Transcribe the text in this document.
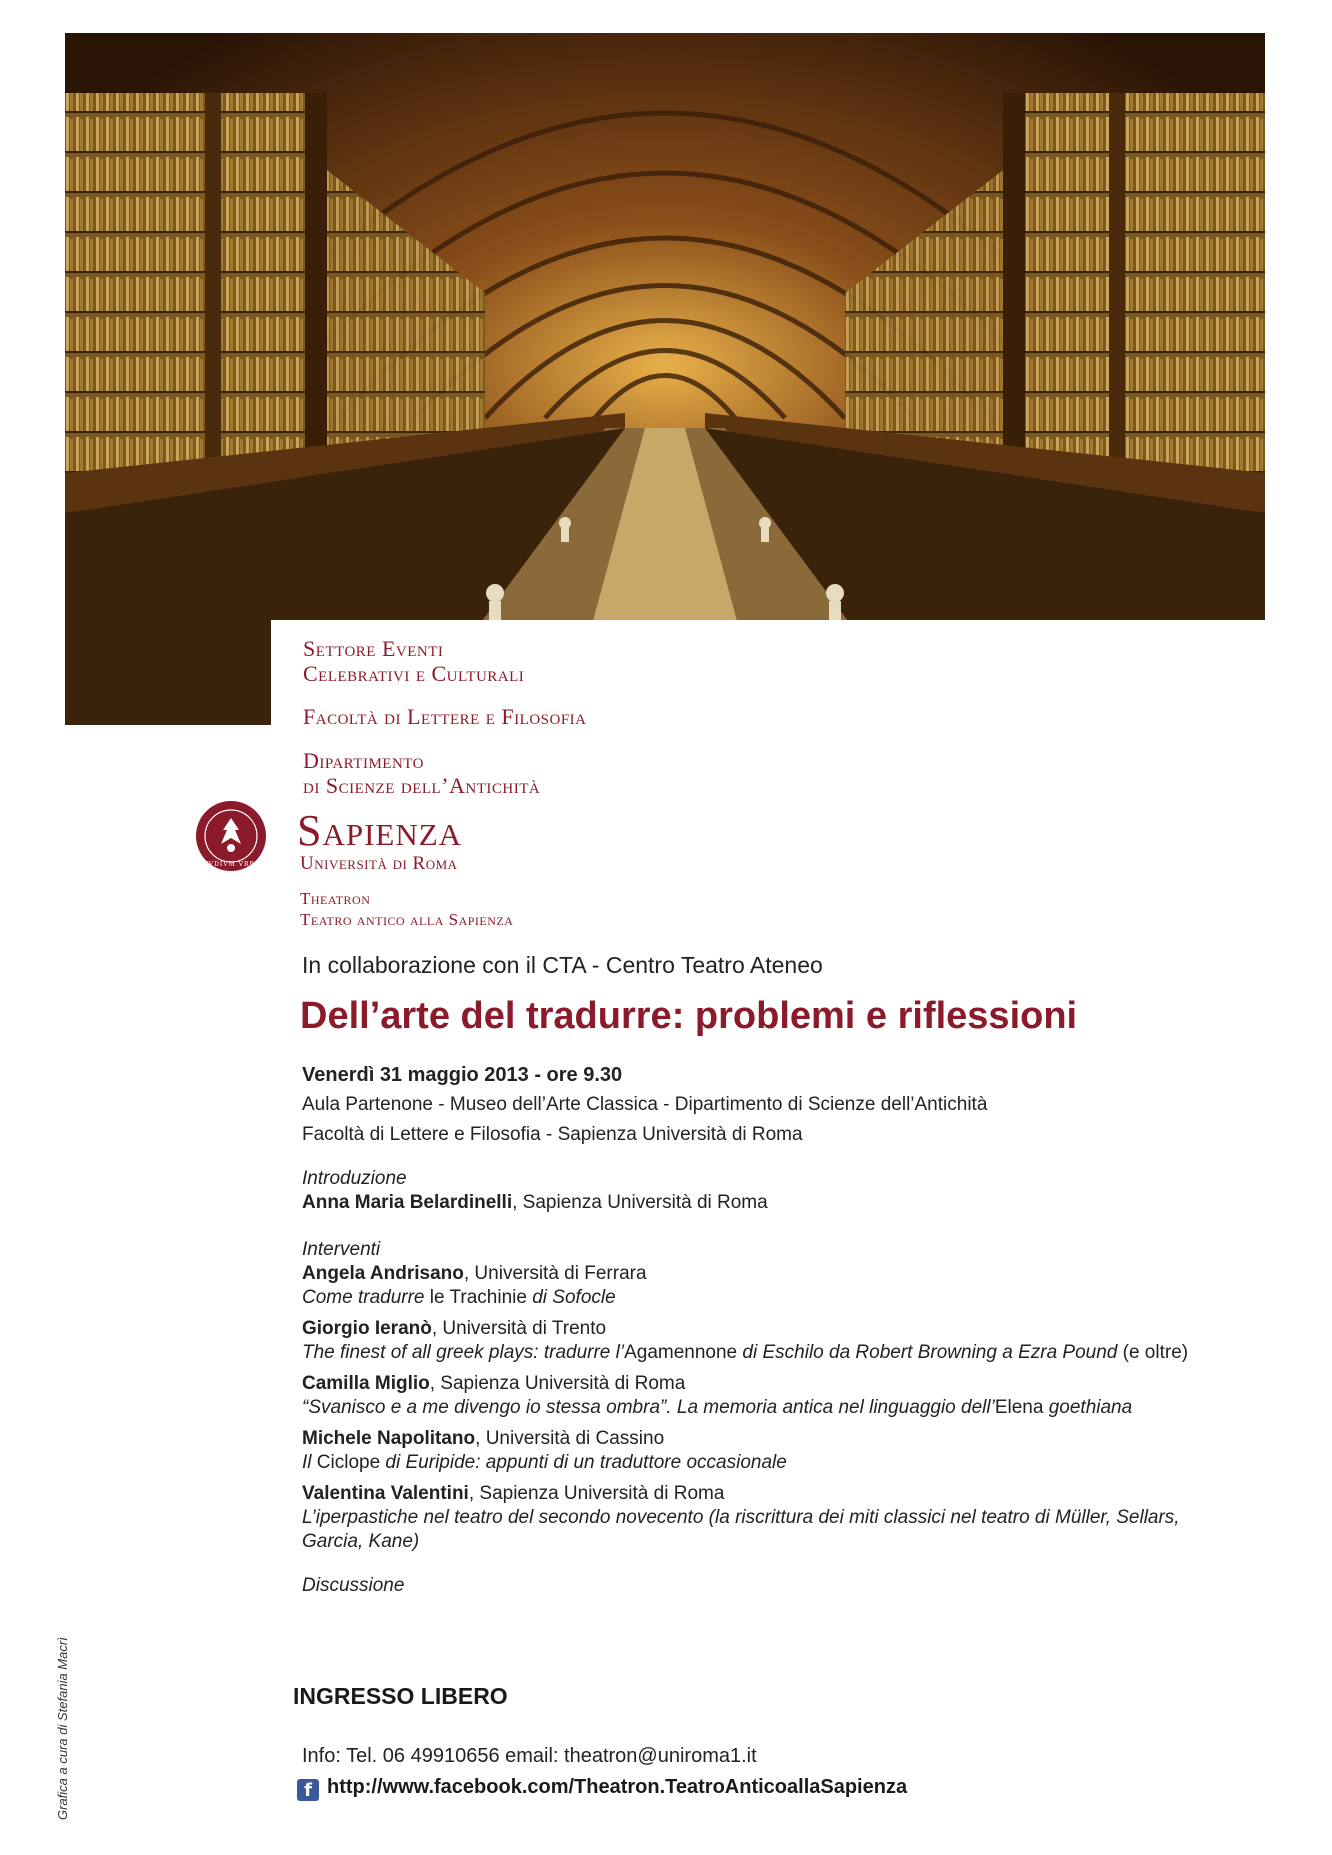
Settore Eventi
Celebrativi e Culturali
Facoltà di Lettere e Filosofia
Dipartimento
di Scienze dell’Antichità
STVDIVM VRBIS
Sapienza
Università di Roma
Theatron
Teatro antico alla Sapienza
In collaborazione con il CTA - Centro Teatro Ateneo
Dell’arte del tradurre: problemi e riflessioni
Venerdì 31 maggio 2013 - ore 9.30
Aula Partenone - Museo dell’Arte Classica - Dipartimento di Scienze dell’Antichità
Facoltà di Lettere e Filosofia - Sapienza Università di Roma
Introduzione
Anna Maria Belardinelli, Sapienza Università di Roma
Interventi
Angela Andrisano, Università di Ferrara
Come tradurre le Trachinie di Sofocle
Giorgio Ieranò, Università di Trento
The finest of all greek plays: tradurre l’Agamennone di Eschilo da Robert Browning a Ezra Pound (e oltre)
Camilla Miglio, Sapienza Università di Roma
“Svanisco e a me divengo io stessa ombra”. La memoria antica nel linguaggio dell’Elena goethiana
Michele Napolitano, Università di Cassino
Il Ciclope di Euripide: appunti di un traduttore occasionale
Valentina Valentini, Sapienza Università di Roma
L’iperpastiche nel teatro del secondo novecento (la riscrittura dei miti classici nel teatro di Müller, Sellars,
Garcia, Kane)
Discussione
INGRESSO LIBERO
Info: Tel. 06 49910656 email: theatron@uniroma1.it
f http://www.facebook.com/Theatron.TeatroAnticoallaSapienza
Grafica a cura di Stefania Macrì
